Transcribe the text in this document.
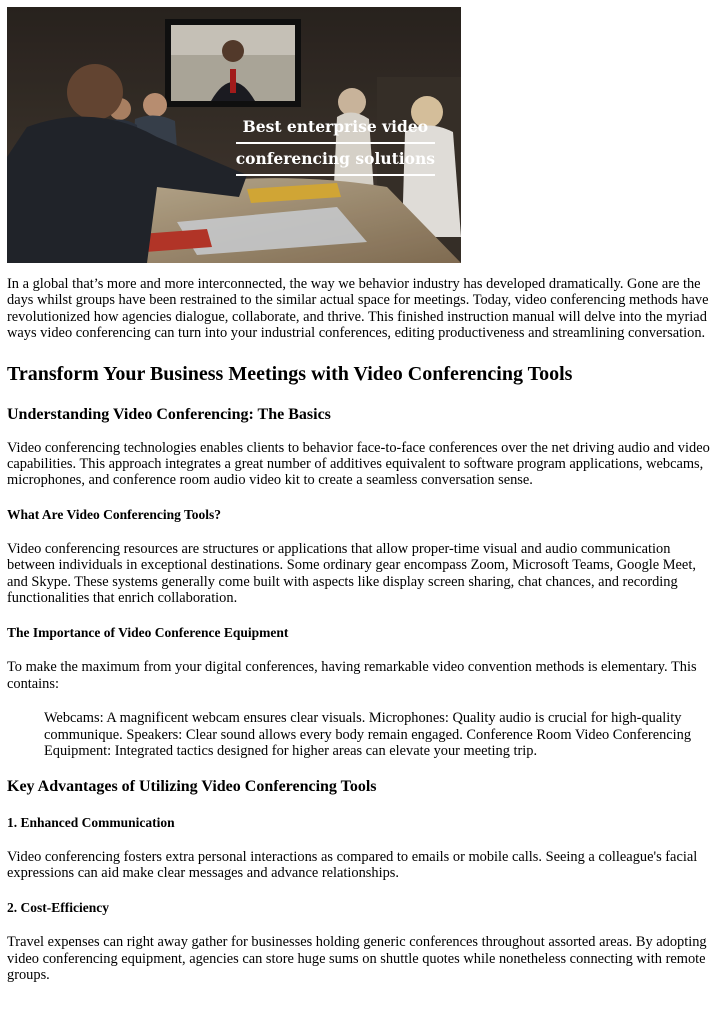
Best enterprise video
conferencing solutions

In a global that’s more and more interconnected, the way we behavior industry has developed dramatically. Gone are the days whilst groups have been restrained to the similar actual space for meetings. Today, video conferencing methods have revolutionized how agencies dialogue, collaborate, and thrive. This finished instruction manual will delve into the myriad ways video conferencing can turn into your industrial conferences, editing productiveness and streamlining conversation.

Transform Your Business Meetings with Video Conferencing Tools
Understanding Video Conferencing: The Basics

Video conferencing technologies enables clients to behavior face-to-face conferences over the net driving audio and video capabilities. This approach integrates a great number of additives equivalent to software program applications, webcams, microphones, and conference room audio video kit to create a seamless conversation sense.

What Are Video Conferencing Tools?

Video conferencing resources are structures or applications that allow proper-time visual and audio communication between individuals in exceptional destinations. Some ordinary gear encompass Zoom, Microsoft Teams, Google Meet, and Skype. These systems generally come built with aspects like display screen sharing, chat chances, and recording functionalities that enrich collaboration.

The Importance of Video Conference Equipment

To make the maximum from your digital conferences, having remarkable video convention methods is elementary. This contains:

Webcams: A magnificent webcam ensures clear visuals. Microphones: Quality audio is crucial for high-quality communique. Speakers: Clear sound allows every body remain engaged. Conference Room Video Conferencing Equipment: Integrated tactics designed for higher areas can elevate your meeting trip.

Key Advantages of Utilizing Video Conferencing Tools
1. Enhanced Communication

Video conferencing fosters extra personal interactions as compared to emails or mobile calls. Seeing a colleague's facial expressions can aid make clear messages and advance relationships.

2. Cost-Efficiency

Travel expenses can right away gather for businesses holding generic conferences throughout assorted areas. By adopting video conferencing equipment, agencies can store huge sums on shuttle quotes while nonetheless connecting with remote groups.
